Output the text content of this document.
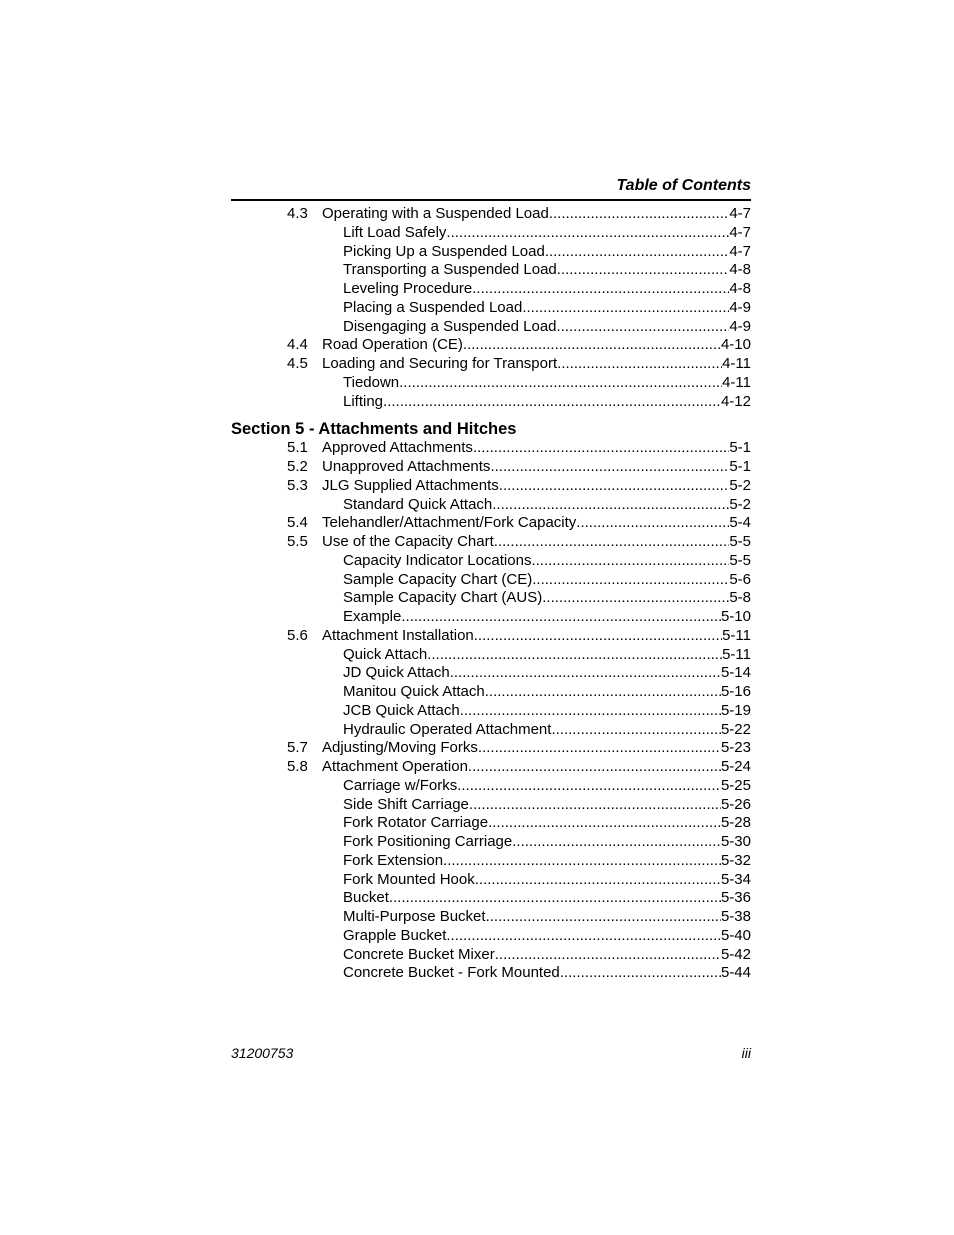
Table of Contents
4.3 Operating with a Suspended Load .....	4-7
Lift Load Safely .....	4-7
Picking Up a Suspended Load .....	4-7
Transporting a Suspended Load .....	4-8
Leveling Procedure .....	4-8
Placing a Suspended Load .....	4-9
Disengaging a Suspended Load .....	4-9
4.4 Road Operation (CE) .....	4-10
4.5 Loading and Securing for Transport .....	4-11
Tiedown .....	4-11
Lifting .....	4-12
Section 5 - Attachments and Hitches
5.1 Approved Attachments .....	5-1
5.2 Unapproved Attachments .....	5-1
5.3 JLG Supplied Attachments .....	5-2
Standard Quick Attach .....	5-2
5.4 Telehandler/Attachment/Fork Capacity .....	5-4
5.5 Use of the Capacity Chart .....	5-5
Capacity Indicator Locations .....	5-5
Sample Capacity Chart (CE) .....	5-6
Sample Capacity Chart (AUS) .....	5-8
Example .....	5-10
5.6 Attachment Installation .....	5-11
Quick Attach .....	5-11
JD Quick Attach .....	5-14
Manitou Quick Attach .....	5-16
JCB Quick Attach .....	5-19
Hydraulic Operated Attachment .....	5-22
5.7 Adjusting/Moving Forks .....	5-23
5.8 Attachment Operation .....	5-24
Carriage w/Forks .....	5-25
Side Shift Carriage .....	5-26
Fork Rotator Carriage .....	5-28
Fork Positioning Carriage .....	5-30
Fork Extension .....	5-32
Fork Mounted Hook .....	5-34
Bucket .....	5-36
Multi-Purpose Bucket .....	5-38
Grapple Bucket .....	5-40
Concrete Bucket Mixer .....	5-42
Concrete Bucket - Fork Mounted .....	5-44
31200753	iii
